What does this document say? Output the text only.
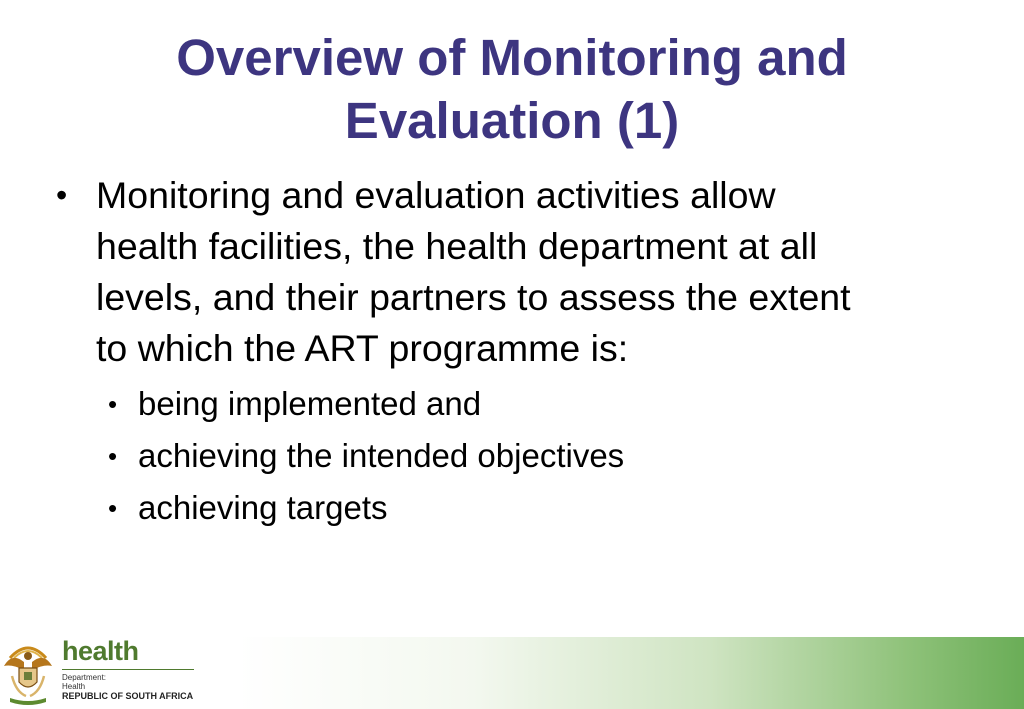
Overview of Monitoring and
Evaluation (1)
• Monitoring and evaluation activities allow
health facilities, the health department at all
levels, and their partners to assess the extent
to which the ART programme is:
• being implemented and
• achieving the intended objectives
• achieving targets
health
Department:
Health
REPUBLIC OF SOUTH AFRICA
